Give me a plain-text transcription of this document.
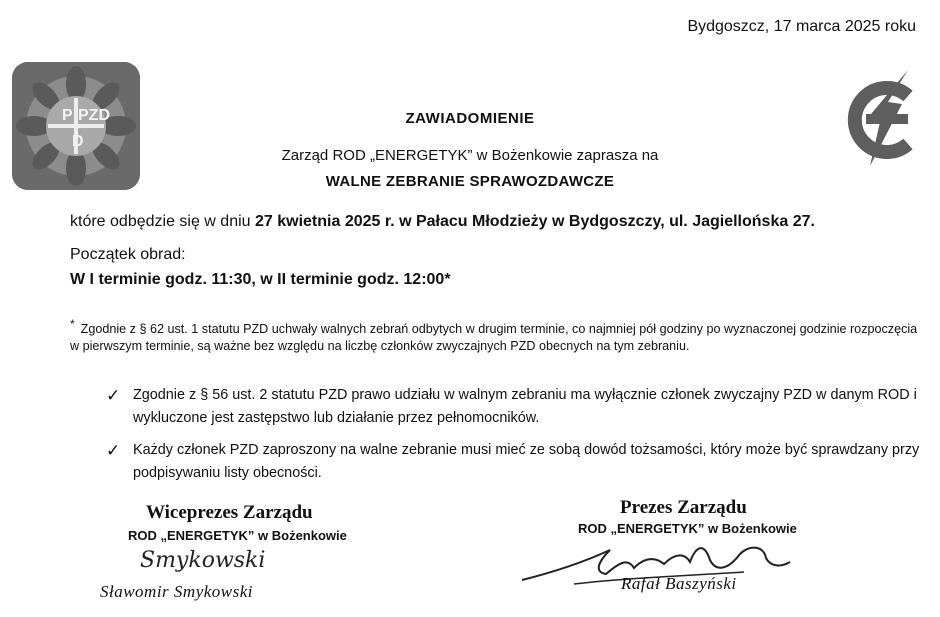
Bydgoszcz, 17 marca 2025 roku
P PZD
D
ZAWIADOMIENIE
Zarząd ROD „ENERGETYK” w Bożenkowie zaprasza na
WALNE ZEBRANIE SPRAWOZDAWCZE
które odbędzie się w dniu 27 kwietnia 2025 r. w Pałacu Młodzieży w Bydgoszczy, ul. Jagiellońska 27.
Początek obrad:
W I terminie godz. 11:30, w II terminie godz. 12:00*
* Zgodnie z § 62 ust. 1 statutu PZD uchwały walnych zebrań odbytych w drugim terminie, co najmniej pół godziny po wyznaczonej godzinie rozpoczęcia w pierwszym terminie, są ważne bez względu na liczbę członków zwyczajnych PZD obecnych na tym zebraniu.
✓ Zgodnie z § 56 ust. 2 statutu PZD prawo udziału w walnym zebraniu ma wyłącznie członek zwyczajny PZD w danym ROD i wykluczone jest zastępstwo lub działanie przez pełnomocników.
✓ Każdy członek PZD zaproszony na walne zebranie musi mieć ze sobą dowód tożsamości, który może być sprawdzany przy podpisywaniu listy obecności.
Wiceprezes Zarządu
ROD „ENERGETYK” w Bożenkowie
Smykowski
Sławomir Smykowski
Prezes Zarządu
ROD „ENERGETYK” w Bożenkowie
Rafał Baszyński
